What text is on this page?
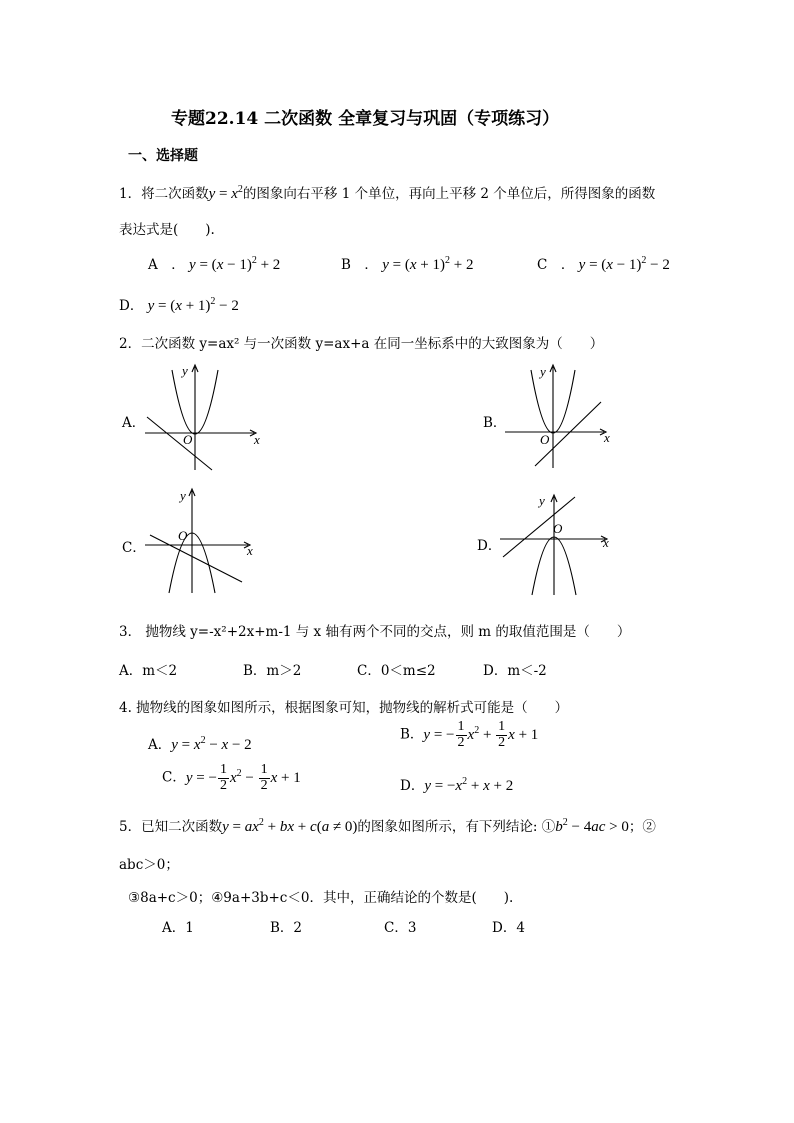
专题22.14 二次函数 全章复习与巩固（专项练习）
一、选择题
1．将二次函数$y = x^2$的图象向右平移 1 个单位，再向上平移 2 个单位后，所得图象的函数
表达式是(　　).
A　． $y = (x - 1)^2 + 2$	B　． $y = (x + 1)^2 + 2$	C　． $y = (x - 1)^2 - 2$
D． $y = (x + 1)^2 - 2$
2．二次函数 y=ax² 与一次函数 y=ax+a 在同一坐标系中的大致图象为（　　）
A．
y
x
O
B．
y
x
O
C．
y
x
O
D．
y
x
O
3． 抛物线 y=-x²+2x+m-1 与 x 轴有两个不同的交点，则 m 的取值范围是（　　）
A．m＜2	B．m＞2	C．0＜m≤2	D．m＜-2
4. 抛物线的图象如图所示，根据图象可知，抛物线的解析式可能是（　　）
A．$y = x^2 - x - 2$
B．y = − $\frac{1}{2} x^2 + \frac{1}{2}$ x + 1
C．y = − $\frac{1}{2} x^2 - \frac{1}{2}$ x + 1
D．$y = -x^2 + x + 2$
5．已知二次函数$y = ax^2$ + bx + c(a ≠ 0)的图象如图所示，有下列结论: $①b^2 - 4ac > 0$；②
abc＞0；
③8a+c＞0；④9a+3b+c＜0．其中，正确结论的个数是(　　).
A．1	B．2	C．3	D．4
